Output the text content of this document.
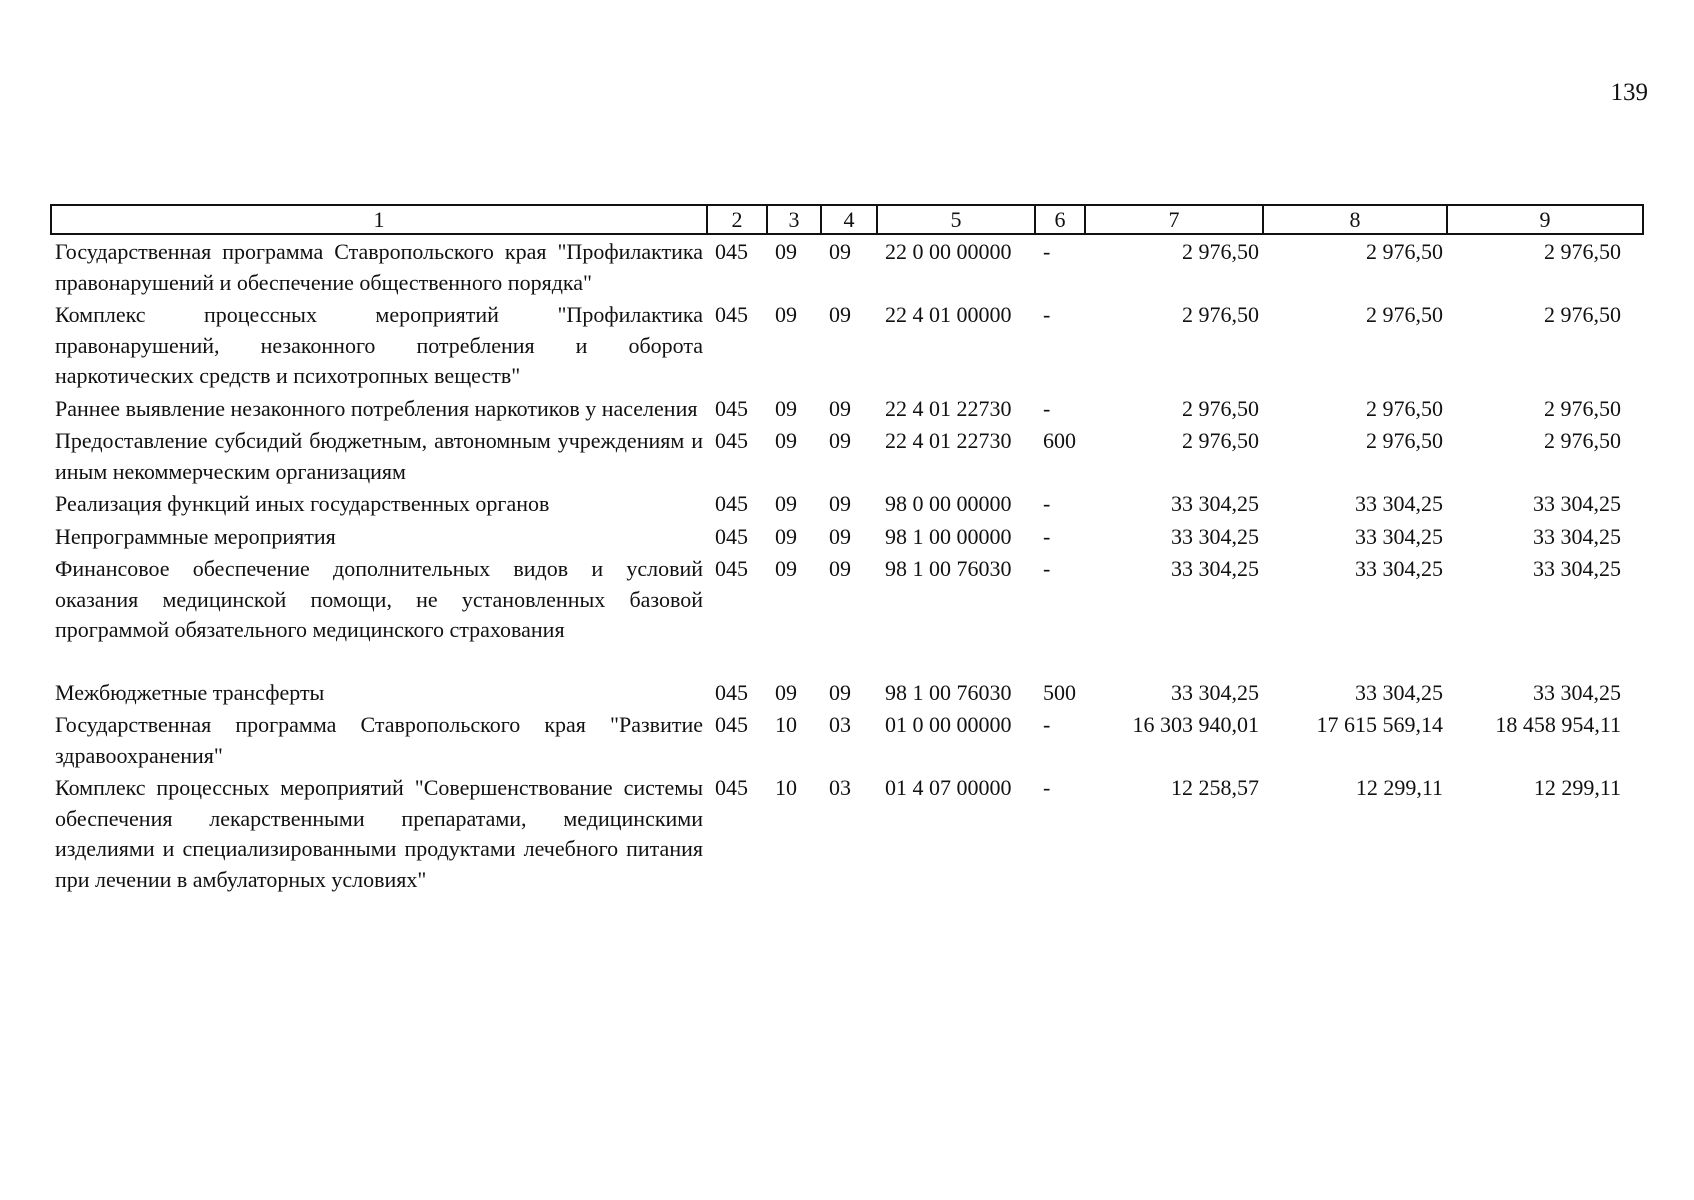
139
1	2	3	4	5	6	7	8	9
Государственная программа Ставропольского края "Профилактика правонарушений и обеспечение общественного порядка"	045	09	09	22 0 00 00000	-	2 976,50	2 976,50	2 976,50
Комплекс процессных мероприятий "Профилактика правонарушений, незаконного потребления и оборота наркотических средств и психотропных веществ"	045	09	09	22 4 01 00000	-	2 976,50	2 976,50	2 976,50
Раннее выявление незаконного потребления наркотиков у населения	045	09	09	22 4 01 22730	-	2 976,50	2 976,50	2 976,50
Предоставление субсидий бюджетным, автономным учреждениям и иным некоммерческим организациям	045	09	09	22 4 01 22730	600	2 976,50	2 976,50	2 976,50
Реализация функций иных государственных органов	045	09	09	98 0 00 00000	-	33 304,25	33 304,25	33 304,25
Непрограммные мероприятия	045	09	09	98 1 00 00000	-	33 304,25	33 304,25	33 304,25
Финансовое обеспечение дополнительных видов и условий оказания медицинской помощи, не установленных базовой программой обязательного медицинского страхования	045	09	09	98 1 00 76030	-	33 304,25	33 304,25	33 304,25
Межбюджетные трансферты	045	09	09	98 1 00 76030	500	33 304,25	33 304,25	33 304,25
Государственная программа Ставропольского края "Развитие здравоохранения"	045	10	03	01 0 00 00000	-	16 303 940,01	17 615 569,14	18 458 954,11
Комплекс процессных мероприятий "Совершенствование системы обеспечения лекарственными препаратами, медицинскими изделиями и специализированными продуктами лечебного питания при лечении в амбулаторных условиях"	045	10	03	01 4 07 00000	-	12 258,57	12 299,11	12 299,11
